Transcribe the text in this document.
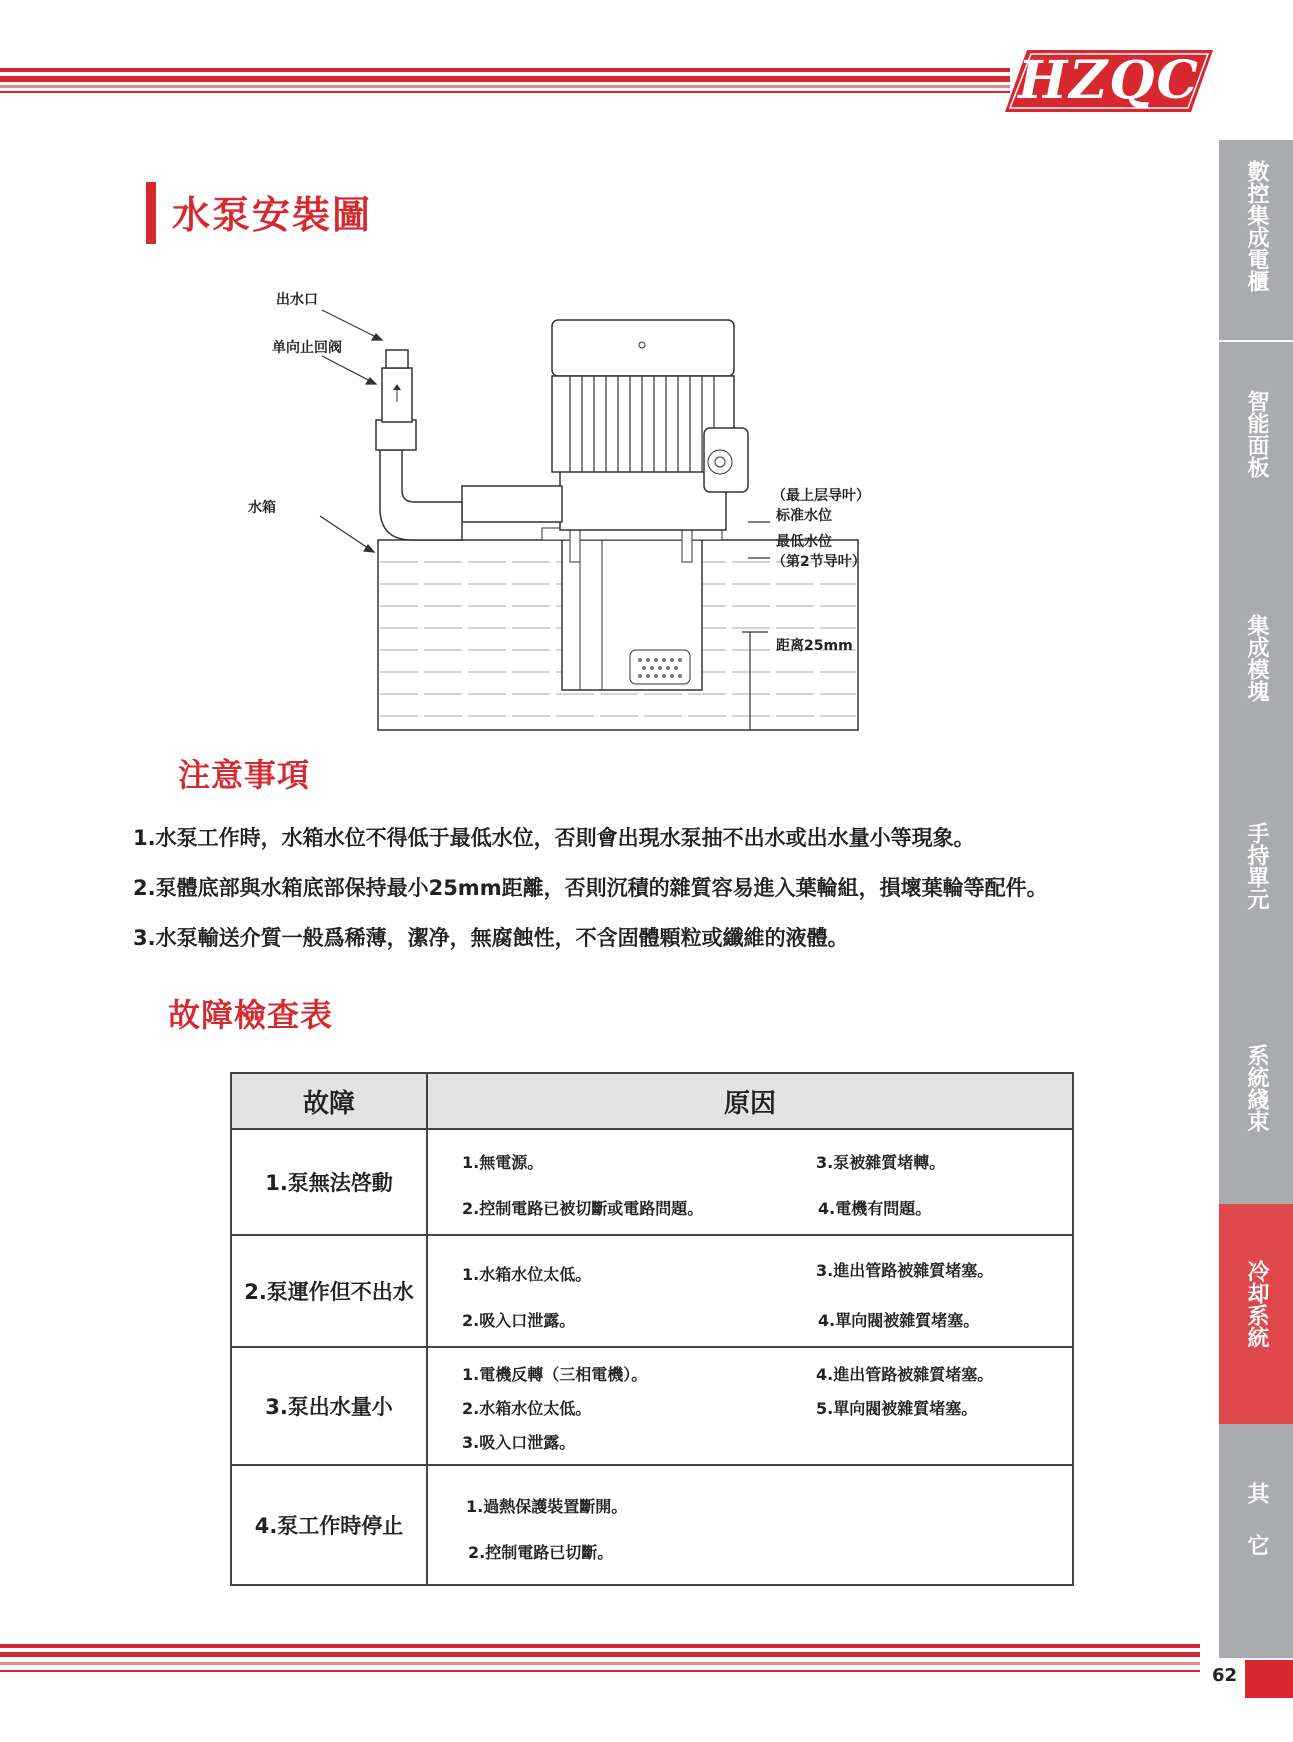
HZQC
水泵安裝圖
出水口
单向止回阀
水箱
（最上层导叶）
标准水位
最低水位
（第2节导叶）
距离25mm
注意事項
1.水泵工作時，水箱水位不得低于最低水位，否則會出現水泵抽不出水或出水量小等現象。
2.泵體底部與水箱底部保持最小25mm距離，否則沉積的雜質容易進入葉輪組，損壞葉輪等配件。
3.水泵輸送介質一般爲稀薄，潔净，無腐蝕性，不含固體顆粒或纖維的液體。
故障檢查表
故障	原因
1.泵無法啓動	1.無電源。 3.泵被雜質堵轉。
2.控制電路已被切斷或電路問題。 4.電機有問題。

2.泵運作但不出水	1.水箱水位太低。 3.進出管路被雜質堵塞。
2.吸入口泄露。 4.單向閥被雜質堵塞。

3.泵出水量小	1.電機反轉（三相電機）。 4.進出管路被雜質堵塞。
2.水箱水位太低。 5.單向閥被雜質堵塞。
3.吸入口泄露。

4.泵工作時停止	1.過熱保護裝置斷開。
2.控制電路已切斷。
數控集成電櫃
智能面板
集成模塊
手持單元
系統綫束
冷却系統
其它
62
